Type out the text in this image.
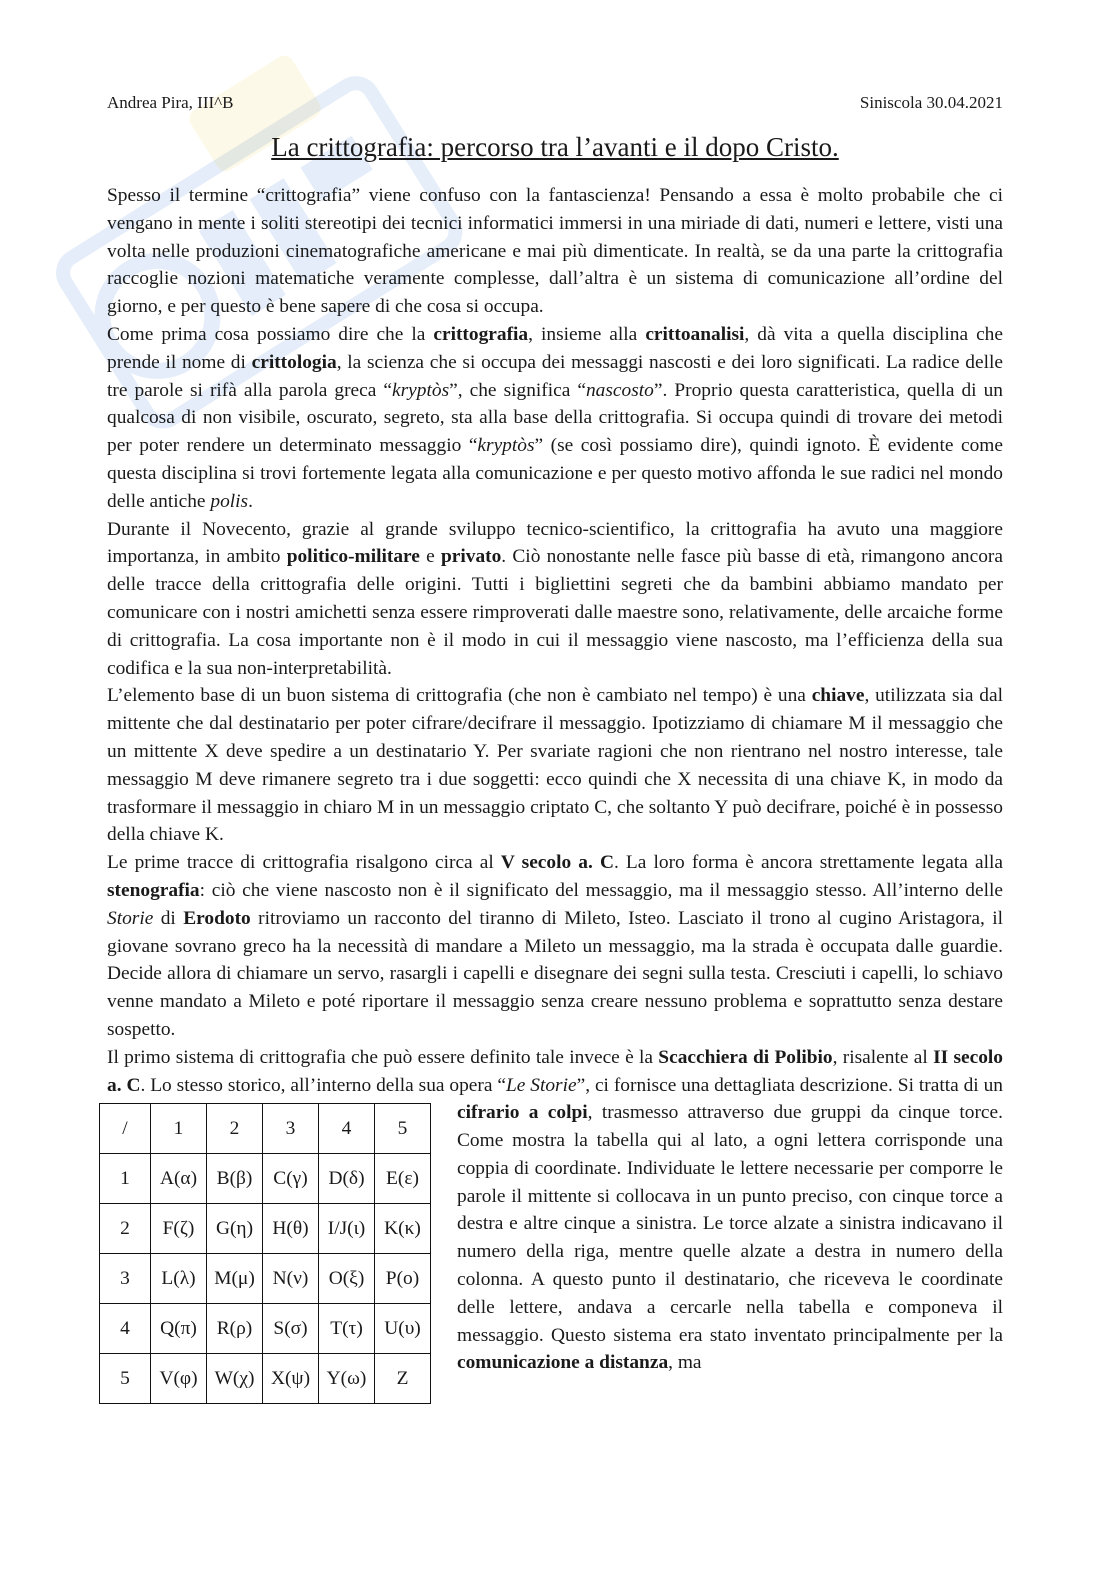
Andrea Pira, III^B	Siniscola 30.04.2021
La crittografia: percorso tra l’avanti e il dopo Cristo.

Spesso il termine “crittografia” viene confuso con la fantascienza! Pensando a essa è molto probabile che ci vengano in mente i soliti stereotipi dei tecnici informatici immersi in una miriade di dati, numeri e lettere, visti una volta nelle produzioni cinematografiche americane e mai più dimenticate. In realtà, se da una parte la crittografia raccoglie nozioni matematiche veramente complesse, dall’altra è un sistema di comunicazione all’ordine del giorno, e per questo è bene sapere di che cosa si occupa.

Come prima cosa possiamo dire che la crittografia, insieme alla crittoanalisi, dà vita a quella disciplina che prende il nome di crittologia, la scienza che si occupa dei messaggi nascosti e dei loro significati. La radice delle tre parole si rifà alla parola greca “kryptòs”, che significa “nascosto”. Proprio questa caratteristica, quella di un qualcosa di non visibile, oscurato, segreto, sta alla base della crittografia. Si occupa quindi di trovare dei metodi per poter rendere un determinato messaggio “kryptòs” (se così possiamo dire), quindi ignoto. È evidente come questa disciplina si trovi fortemente legata alla comunicazione e per questo motivo affonda le sue radici nel mondo delle antiche polis.

Durante il Novecento, grazie al grande sviluppo tecnico-scientifico, la crittografia ha avuto una maggiore importanza, in ambito politico-militare e privato. Ciò nonostante nelle fasce più basse di età, rimangono ancora delle tracce della crittografia delle origini. Tutti i bigliettini segreti che da bambini abbiamo mandato per comunicare con i nostri amichetti senza essere rimproverati dalle maestre sono, relativamente, delle arcaiche forme di crittografia. La cosa importante non è il modo in cui il messaggio viene nascosto, ma l’efficienza della sua codifica e la sua non-interpretabilità.

L’elemento base di un buon sistema di crittografia (che non è cambiato nel tempo) è una chiave, utilizzata sia dal mittente che dal destinatario per poter cifrare/decifrare il messaggio. Ipotizziamo di chiamare M il messaggio che un mittente X deve spedire a un destinatario Y. Per svariate ragioni che non rientrano nel nostro interesse, tale messaggio M deve rimanere segreto tra i due soggetti: ecco quindi che X necessita di una chiave K, in modo da trasformare il messaggio in chiaro M in un messaggio criptato C, che soltanto Y può decifrare, poiché è in possesso della chiave K.

Le prime tracce di crittografia risalgono circa al V secolo a. C. La loro forma è ancora strettamente legata alla stenografia: ciò che viene nascosto non è il significato del messaggio, ma il messaggio stesso. All’interno delle Storie di Erodoto ritroviamo un racconto del tiranno di Mileto, Isteo. Lasciato il trono al cugino Aristagora, il giovane sovrano greco ha la necessità di mandare a Mileto un messaggio, ma la strada è occupata dalle guardie. Decide allora di chiamare un servo, rasargli i capelli e disegnare dei segni sulla testa. Cresciuti i capelli, lo schiavo venne mandato a Mileto e poté riportare il messaggio senza creare nessuno problema e soprattutto senza destare sospetto.

Il primo sistema di crittografia che può essere definito tale invece è la Scacchiera di Polibio, risalente al II secolo a. C. Lo stesso storico, all’interno della sua opera “Le Storie”, ci fornisce una dettagliata descrizione. Si tratta di un cifrario a colpi, trasmesso attraverso due gruppi da cinque
/	1	2	3	4	5
1	A(α)	B(β)	C(γ)	D(δ)	E(ε)
2	F(ζ)	G(η)	H(θ)	I/J(ι)	K(κ)
3	L(λ)	M(μ)	N(ν)	O(ξ)	P(ο)
4	Q(π)	R(ρ)	S(σ)	T(τ)	U(υ)
5	V(φ)	W(χ)	X(ψ)	Y(ω)	Z
torce. Come mostra la tabella qui al lato, a ogni lettera corrisponde una coppia di coordinate. Individuate le lettere necessarie per comporre le parole il mittente si collocava in un punto preciso, con cinque torce a destra e altre cinque a sinistra. Le torce alzate a sinistra indicavano il numero della riga, mentre quelle alzate a destra in numero della colonna. A questo punto il destinatario, che riceveva le coordinate delle lettere, andava a cercarle nella tabella e componeva il messaggio. Questo sistema era stato inventato principalmente per la comunicazione a distanza, ma
